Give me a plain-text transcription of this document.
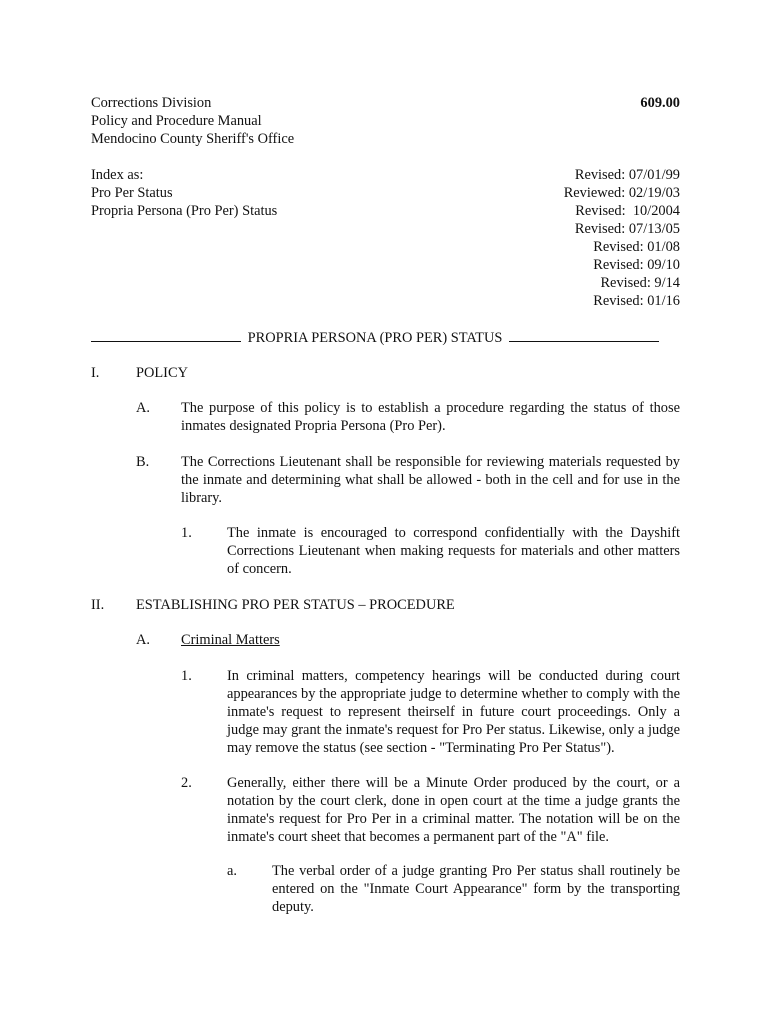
Corrections Division
Policy and Procedure Manual
Mendocino County Sheriff's Office
609.00
Index as:
Pro Per Status
Propria Persona (Pro Per) Status
Revised: 07/01/99
Reviewed: 02/19/03
Revised:  10/2004
Revised: 07/13/05
Revised: 01/08
Revised: 09/10
Revised: 9/14
Revised: 01/16
PROPRIA PERSONA (PRO PER) STATUS
I.	POLICY
A. The purpose of this policy is to establish a procedure regarding the status of those inmates designated Propria Persona (Pro Per).
B. The Corrections Lieutenant shall be responsible for reviewing materials requested by the inmate and determining what shall be allowed - both in the cell and for use in the library.
1. The inmate is encouraged to correspond confidentially with the Dayshift Corrections Lieutenant when making requests for materials and other matters of concern.
II. ESTABLISHING PRO PER STATUS – PROCEDURE
A. Criminal Matters
1. In criminal matters, competency hearings will be conducted during court appearances by the appropriate judge to determine whether to comply with the inmate's request to represent theirself in future court proceedings. Only a judge may grant the inmate's request for Pro Per status. Likewise, only a judge may remove the status (see section - "Terminating Pro Per Status").
2. Generally, either there will be a Minute Order produced by the court, or a notation by the court clerk, done in open court at the time a judge grants the inmate's request for Pro Per in a criminal matter. The notation will be on the inmate's court sheet that becomes a permanent part of the "A" file.
a. The verbal order of a judge granting Pro Per status shall routinely be entered on the "Inmate Court Appearance" form by the transporting deputy.
